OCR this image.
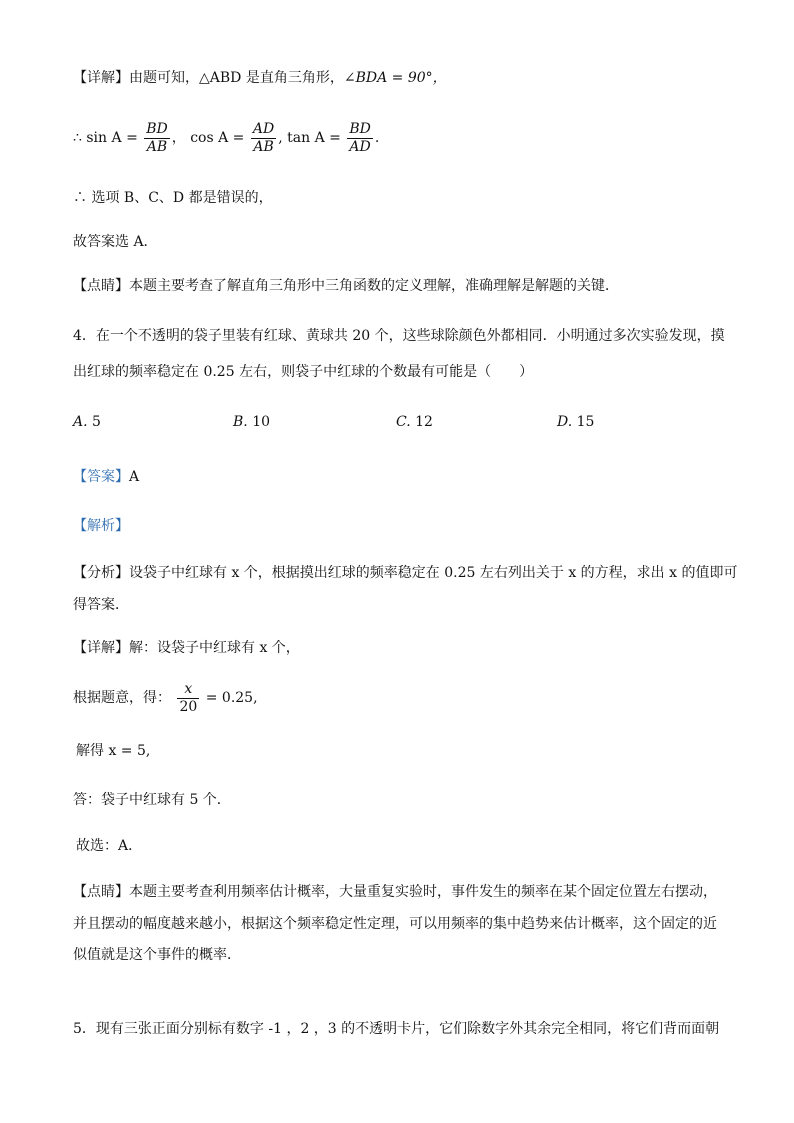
【详解】由题可知，△ABD 是直角三角形，∠BDA = 90°，
∴ $\sin A = \frac{BD}{AB}$ ， $\cos A = \frac{AD}{AB}$ , $\tan A = \frac{BD}{AD}$ .
∴ 选项 B、C、D 都是错误的，
故答案选 A．
【点睛】本题主要考查了解直角三角形中三角函数的定义理解，准确理解是解题的关键．
4．在一个不透明的袋子里装有红球、黄球共 20 个，这些球除颜色外都相同．小明通过多次实验发现，摸
出红球的频率稳定在 0.25 左右，则袋子中红球的个数最有可能是（　　）
A. 5	B. 10	C. 12	D. 15
【答案】A
【解析】
【分析】设袋子中红球有 x 个，根据摸出红球的频率稳定在 0.25 左右列出关于 x 的方程，求出 x 的值即可
得答案．
【详解】解：设袋子中红球有 x 个，
根据题意，得： $\frac{x}{20} = 0.25$,
解得 x = 5,
答：袋子中红球有 5 个．
故选：A．
【点睛】本题主要考查利用频率估计概率，大量重复实验时，事件发生的频率在某个固定位置左右摆动，
并且摆动的幅度越来越小，根据这个频率稳定性定理，可以用频率的集中趋势来估计概率，这个固定的近
似值就是这个事件的概率．
5．现有三张正面分别标有数字 -1 ，2 ，3 的不透明卡片，它们除数字外其余完全相同，将它们背而面朝
